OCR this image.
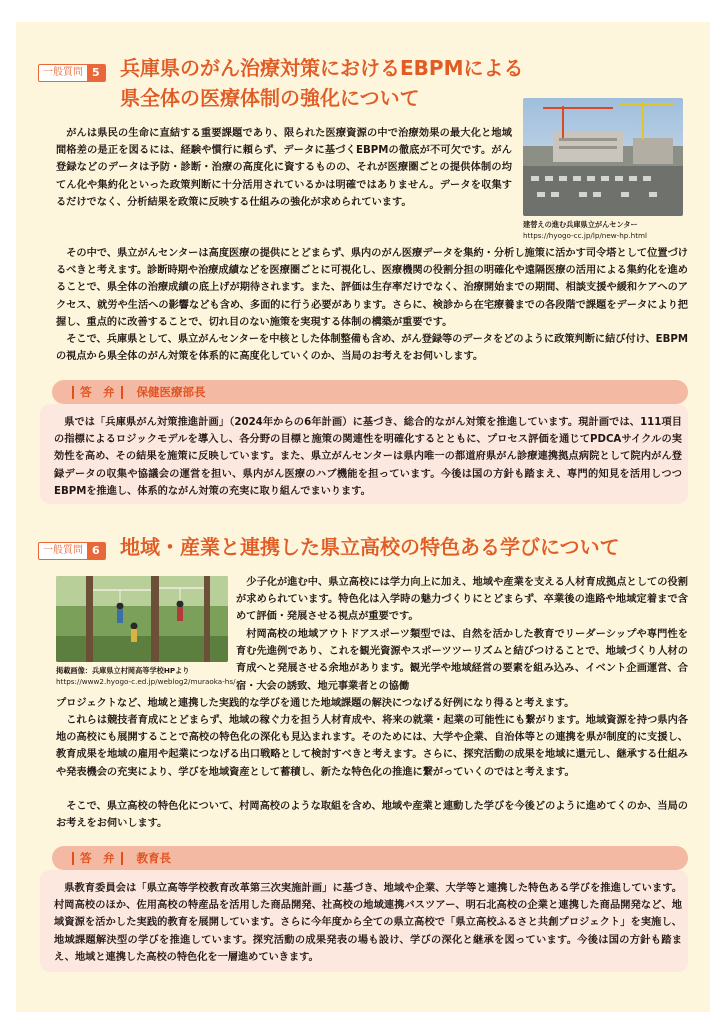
一般質問 5 兵庫県のがん治療対策におけるEBPMによる
県全体の医療体制の強化について
がんは県民の生命に直結する重要課題であり、限られた医療資源の中で治療効果の最大化と地域間格差の是正を図るには、経験や慣行に頼らず、データに基づくEBPMの徹底が不可欠です。がん登録などのデータは予防・診断・治療の高度化に資するものの、それが医療圏ごとの提供体制の均てん化や集約化といった政策判断に十分活用されているかは明確ではありません。データを収集するだけでなく、分析結果を政策に反映する仕組みの強化が求められています。
建替えの進む兵庫県立がんセンター
https://hyogo-cc.jp/lp/new-hp.html
その中で、県立がんセンターは高度医療の提供にとどまらず、県内のがん医療データを集約・分析し施策に活かす司令塔として位置づけるべきと考えます。診断時期や治療成績などを医療圏ごとに可視化し、医療機関の役割分担の明確化や遠隔医療の活用による集約化を進めることで、県全体の治療成績の底上げが期待されます。また、評価は生存率だけでなく、治療開始までの期間、相談支援や緩和ケアへのアクセス、就労や生活への影響なども含め、多面的に行う必要があります。さらに、検診から在宅療養までの各段階で課題をデータにより把握し、重点的に改善することで、切れ目のない施策を実現する体制の構築が重要です。
そこで、兵庫県として、県立がんセンターを中核とした体制整備も含め、がん登録等のデータをどのように政策判断に結び付け、EBPMの視点から県全体のがん対策を体系的に高度化していくのか、当局のお考えをお伺いします。
答　弁 保健医療部長
県では「兵庫県がん対策推進計画」（2024年からの6年計画）に基づき、総合的ながん対策を推進しています。現計画では、111項目の指標によるロジックモデルを導入し、各分野の目標と施策の関連性を明確化するとともに、プロセス評価を通じてPDCAサイクルの実効性を高め、その結果を施策に反映しています。また、県立がんセンターは県内唯一の都道府県がん診療連携拠点病院として院内がん登録データの収集や協議会の運営を担い、県内がん医療のハブ機能を担っています。今後は国の方針も踏まえ、専門的知見を活用しつつEBPMを推進し、体系的ながん対策の充実に取り組んでまいります。
一般質問 6 地域・産業と連携した県立高校の特色ある学びについて
掲載画像：兵庫県立村岡高等学校HPより
https://www2.hyogo-c.ed.jp/weblog2/muraoka-hs/
少子化が進む中、県立高校には学力向上に加え、地域や産業を支える人材育成拠点としての役割が求められています。特色化は入学時の魅力づくりにとどまらず、卒業後の進路や地域定着まで含めて評価・発展させる視点が重要です。
村岡高校の地域アウトドアスポーツ類型では、自然を活かした教育でリーダーシップや専門性を育む先進例であり、これを観光資源やスポーツツーリズムと結びつけることで、地域づくり人材の育成へと発展させる余地があります。観光学や地域経営の要素を組み込み、イベント企画運営、合宿・大会の誘致、地元事業者との協働
プロジェクトなど、地域と連携した実践的な学びを通じた地域課題の解決につなげる好例になり得ると考えます。
これらは競技者育成にとどまらず、地域の稼ぐ力を担う人材育成や、将来の就業・起業の可能性にも繋がります。地域資源を持つ県内各地の高校にも展開することで高校の特色化の深化も見込まれます。そのためには、大学や企業、自治体等との連携を県が制度的に支援し、教育成果を地域の雇用や起業につなげる出口戦略として検討すべきと考えます。さらに、探究活動の成果を地域に還元し、継承する仕組みや発表機会の充実により、学びを地域資産として蓄積し、新たな特色化の推進に繋がっていくのではと考えます。
そこで、県立高校の特色化について、村岡高校のような取組を含め、地域や産業と連動した学びを今後どのように進めてくのか、当局のお考えをお伺いします。
答　弁 教育長
県教育委員会は「県立高等学校教育改革第三次実施計画」に基づき、地域や企業、大学等と連携した特色ある学びを推進しています。村岡高校のほか、佐用高校の特産品を活用した商品開発、社高校の地域連携バスツアー、明石北高校の企業と連携した商品開発など、地域資源を活かした実践的教育を展開しています。さらに今年度から全ての県立高校で「県立高校ふるさと共創プロジェクト」を実施し、地域課題解決型の学びを推進しています。探究活動の成果発表の場も設け、学びの深化と継承を図っています。今後は国の方針も踏まえ、地域と連携した高校の特色化を一層進めていきます。
